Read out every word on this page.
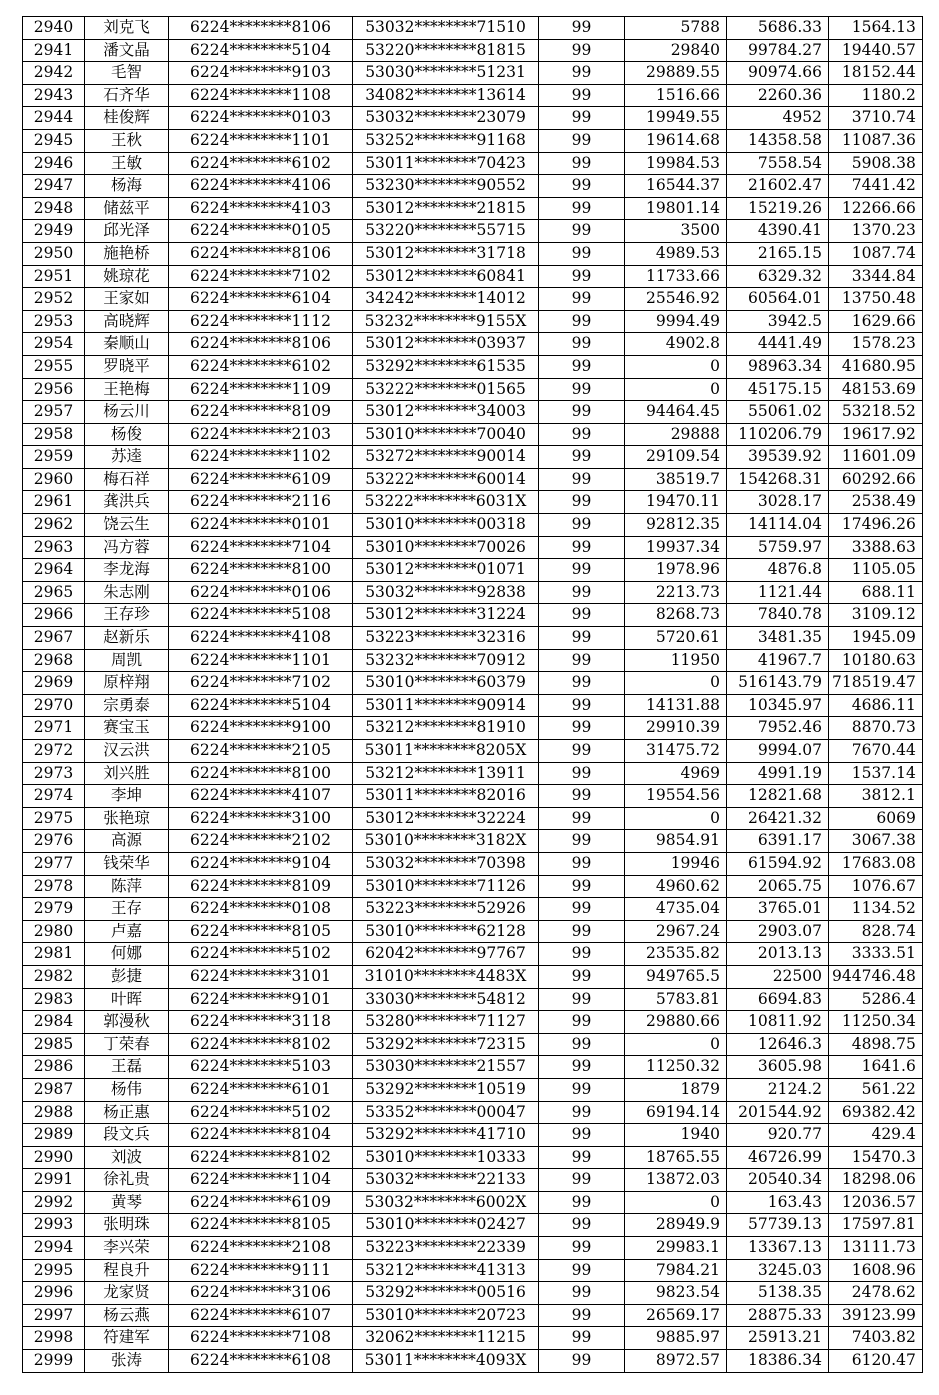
2940	刘克飞	6224********8106	53032********71510	99	5788	5686.33	1564.13
2941	潘文晶	6224********5104	53220********81815	99	29840	99784.27	19440.57
2942	毛智	6224********9103	53030********51231	99	29889.55	90974.66	18152.44
2943	石齐华	6224********1108	34082********13614	99	1516.66	2260.36	1180.2
2944	桂俊辉	6224********0103	53032********23079	99	19949.55	4952	3710.74
2945	王秋	6224********1101	53252********91168	99	19614.68	14358.58	11087.36
2946	王敏	6224********6102	53011********70423	99	19984.53	7558.54	5908.38
2947	杨海	6224********4106	53230********90552	99	16544.37	21602.47	7441.42
2948	储兹平	6224********4103	53012********21815	99	19801.14	15219.26	12266.66
2949	邱光泽	6224********0105	53220********55715	99	3500	4390.41	1370.23
2950	施艳桥	6224********8106	53012********31718	99	4989.53	2165.15	1087.74
2951	姚琼花	6224********7102	53012********60841	99	11733.66	6329.32	3344.84
2952	王家如	6224********6104	34242********14012	99	25546.92	60564.01	13750.48
2953	高晓辉	6224********1112	53232********9155X	99	9994.49	3942.5	1629.66
2954	秦顺山	6224********8106	53012********03937	99	4902.8	4441.49	1578.23
2955	罗晓平	6224********6102	53292********61535	99	0	98963.34	41680.95
2956	王艳梅	6224********1109	53222********01565	99	0	45175.15	48153.69
2957	杨云川	6224********8109	53012********34003	99	94464.45	55061.02	53218.52
2958	杨俊	6224********2103	53010********70040	99	29888	110206.79	19617.92
2959	苏逵	6224********1102	53272********90014	99	29109.54	39539.92	11601.09
2960	梅石祥	6224********6109	53222********60014	99	38519.7	154268.31	60292.66
2961	龚洪兵	6224********2116	53222********6031X	99	19470.11	3028.17	2538.49
2962	饶云生	6224********0101	53010********00318	99	92812.35	14114.04	17496.26
2963	冯方蓉	6224********7104	53010********70026	99	19937.34	5759.97	3388.63
2964	李龙海	6224********8100	53012********01071	99	1978.96	4876.8	1105.05
2965	朱志刚	6224********0106	53032********92838	99	2213.73	1121.44	688.11
2966	王存珍	6224********5108	53012********31224	99	8268.73	7840.78	3109.12
2967	赵新乐	6224********4108	53223********32316	99	5720.61	3481.35	1945.09
2968	周凯	6224********1101	53232********70912	99	11950	41967.7	10180.63
2969	原梓翔	6224********7102	53010********60379	99	0	516143.79	718519.47
2970	宗勇泰	6224********5104	53011********90914	99	14131.88	10345.97	4686.11
2971	赛宝玉	6224********9100	53212********81910	99	29910.39	7952.46	8870.73
2972	汉云洪	6224********2105	53011********8205X	99	31475.72	9994.07	7670.44
2973	刘兴胜	6224********8100	53212********13911	99	4969	4991.19	1537.14
2974	李坤	6224********4107	53011********82016	99	19554.56	12821.68	3812.1
2975	张艳琼	6224********3100	53012********32224	99	0	26421.32	6069
2976	高源	6224********2102	53010********3182X	99	9854.91	6391.17	3067.38
2977	钱荣华	6224********9104	53032********70398	99	19946	61594.92	17683.08
2978	陈萍	6224********8109	53010********71126	99	4960.62	2065.75	1076.67
2979	王存	6224********0108	53223********52926	99	4735.04	3765.01	1134.52
2980	卢嘉	6224********8105	53010********62128	99	2967.24	2903.07	828.74
2981	何娜	6224********5102	62042********97767	99	23535.82	2013.13	3333.51
2982	彭捷	6224********3101	31010********4483X	99	949765.5	22500	944746.48
2983	叶晖	6224********9101	33030********54812	99	5783.81	6694.83	5286.4
2984	郭漫秋	6224********3118	53280********71127	99	29880.66	10811.92	11250.34
2985	丁荣春	6224********8102	53292********72315	99	0	12646.3	4898.75
2986	王磊	6224********5103	53030********21557	99	11250.32	3605.98	1641.6
2987	杨伟	6224********6101	53292********10519	99	1879	2124.2	561.22
2988	杨正惠	6224********5102	53352********00047	99	69194.14	201544.92	69382.42
2989	段文兵	6224********8104	53292********41710	99	1940	920.77	429.4
2990	刘波	6224********8102	53010********10333	99	18765.55	46726.99	15470.3
2991	徐礼贵	6224********1104	53032********22133	99	13872.03	20540.34	18298.06
2992	黄琴	6224********6109	53032********6002X	99	0	163.43	12036.57
2993	张明珠	6224********8105	53010********02427	99	28949.9	57739.13	17597.81
2994	李兴荣	6224********2108	53223********22339	99	29983.1	13367.13	13111.73
2995	程良升	6224********9111	53212********41313	99	7984.21	3245.03	1608.96
2996	龙家贤	6224********3106	53292********00516	99	9823.54	5138.35	2478.62
2997	杨云燕	6224********6107	53010********20723	99	26569.17	28875.33	39123.99
2998	符建军	6224********7108	32062********11215	99	9885.97	25913.21	7403.82
2999	张涛	6224********6108	53011********4093X	99	8972.57	18386.34	6120.47
